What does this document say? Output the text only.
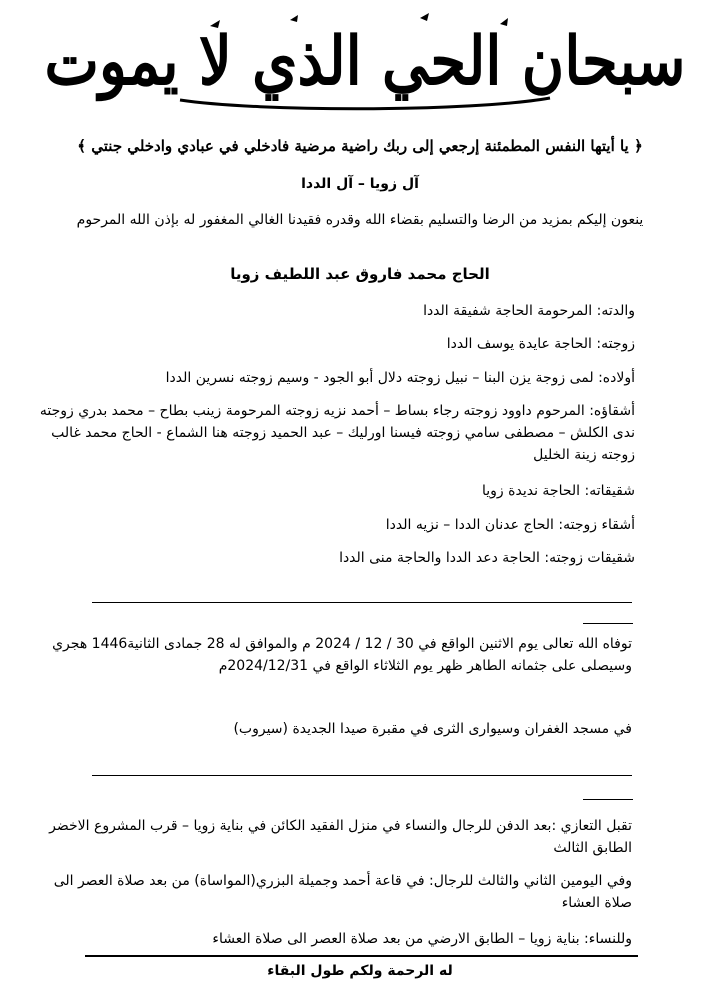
سبحان الحي الذي لا يموت
﴿ يا أيتها النفس المطمئنة إرجعي إلى ربك راضية مرضية فادخلي في عبادي وادخلي جنتي ﴾
آل زويا – آل الددا
ينعون إليكم بمزيد من الرضا والتسليم بقضاء الله وقدره فقيدنا الغالي المغفور له بإذن الله المرحوم
الحاج محمد فاروق عبد اللطيف زويا
والدته: المرحومة الحاجة شفيقة الددا
زوجته: الحاجة عايدة يوسف الددا
أولاده: لمى زوجة يزن البنا – نبيل زوجته دلال أبو الجود - وسيم زوجته نسرين الددا
أشقاؤه: المرحوم داوود زوجته رجاء بساط – أحمد نزيه زوجته المرحومة زينب بطاح – محمد بدري زوجته ندى الكلش – مصطفى سامي زوجته فيسنا اورليك – عبد الحميد زوجته هنا الشماع - الحاج محمد غالب زوجته زينة الخليل
شقيقاته: الحاجة نديدة زويا
أشقاء زوجته: الحاج عدنان الددا – نزيه الددا
شقيقات زوجته: الحاجة دعد الددا والحاجة منى الددا
توفاه الله تعالى يوم الاثنين الواقع في 30 / 12 / 2024 م والموافق له 28 جمادى الثانية1446 هجري وسيصلى على جثمانه الطاهر ظهر يوم الثلاثاء الواقع في 2024/12/31م
في مسجد الغفران وسيوارى الثرى في مقبرة صيدا الجديدة (سيروب)
تقبل التعازي :بعد الدفن للرجال والنساء في منزل الفقيد الكائن في بناية زويا – قرب المشروع الاخضر الطابق الثالث
وفي اليومين الثاني والثالث للرجال: في قاعة أحمد وجميلة البزري(المواساة) من بعد صلاة العصر الى صلاة العشاء
وللنساء: بناية زويا – الطابق الارضي من بعد صلاة العصر الى صلاة العشاء
له الرحمة ولكم طول البقاء
